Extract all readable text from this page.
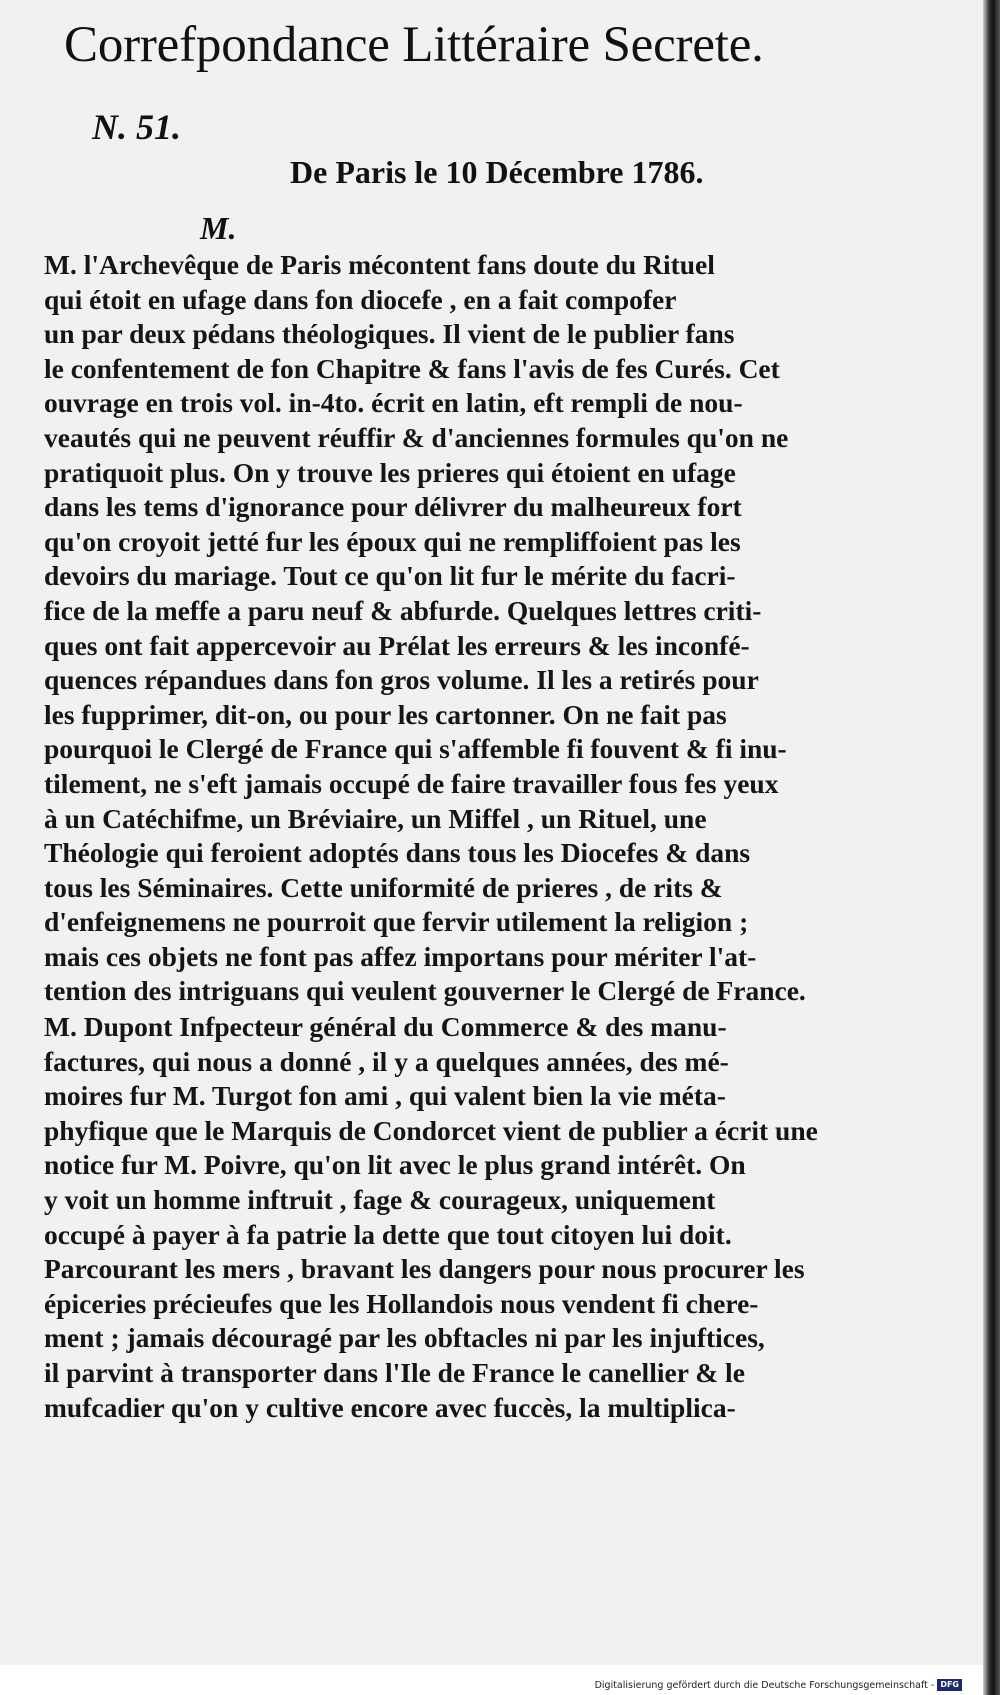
Correfpondance Littéraire Secrete.
N. 51.
De Paris le 10 Décembre 1786.
M.
M. l'Archevêque de Paris mécontent fans doute du Rituel
qui étoit en ufage dans fon diocefe , en a fait compofer
un par deux pédans théologiques. Il vient de le publier fans
le confentement de fon Chapitre & fans l'avis de fes Curés. Cet
ouvrage en trois vol. in-4to. écrit en latin, eft rempli de nou-
veautés qui ne peuvent réuffir & d'anciennes formules qu'on ne
pratiquoit plus. On y trouve les prieres qui étoient en ufage
dans les tems d'ignorance pour délivrer du malheureux fort
qu'on croyoit jetté fur les époux qui ne rempliffoient pas les
devoirs du mariage. Tout ce qu'on lit fur le mérite du facri-
fice de la meffe a paru neuf & abfurde. Quelques lettres criti-
ques ont fait appercevoir au Prélat les erreurs & les inconfé-
quences répandues dans fon gros volume. Il les a retirés pour
les fupprimer, dit-on, ou pour les cartonner. On ne fait pas
pourquoi le Clergé de France qui s'affemble fi fouvent & fi inu-
tilement, ne s'eft jamais occupé de faire travailler fous fes yeux
à un Catéchifme, un Bréviaire, un Miffel , un Rituel, une
Théologie qui feroient adoptés dans tous les Diocefes & dans
tous les Séminaires. Cette uniformité de prieres , de rits &
d'enfeignemens ne pourroit que fervir utilement la religion ;
mais ces objets ne font pas affez importans pour mériter l'at-
tention des intriguans qui veulent gouverner le Clergé de France.
M. Dupont Infpecteur général du Commerce & des manu-
factures, qui nous a donné , il y a quelques années, des mé-
moires fur M. Turgot fon ami , qui valent bien la vie méta-
phyfique que le Marquis de Condorcet vient de publier a écrit une
notice fur M. Poivre, qu'on lit avec le plus grand intérêt. On
y voit un homme inftruit , fage & courageux, uniquement
occupé à payer à fa patrie la dette que tout citoyen lui doit.
Parcourant les mers , bravant les dangers pour nous procurer les
épiceries précieufes que les Hollandois nous vendent fi chere-
ment ; jamais découragé par les obftacles ni par les injuftices,
il parvint à transporter dans l'Ile de France le canellier & le
mufcadier qu'on y cultive encore avec fuccès, la multiplica-
Digitalisierung gefördert durch die Deutsche Forschungsgemeinschaft - DFG
